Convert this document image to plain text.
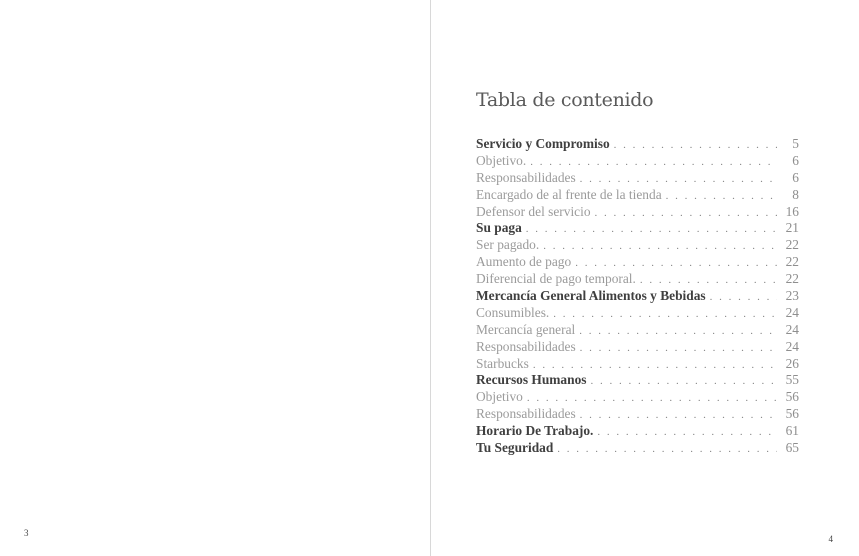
3
Tabla de contenido
Servicio y Compromiso . . .	5
Objetivo. . . .	6
Responsabilidades . . .	6
Encargado de al frente de la tienda . . .	8
Defensor del servicio . . .	16
Su paga . . .	21
Ser pagado. . . .	22
Aumento de pago . . .	22
Diferencial de pago temporal. . . .	22
Mercancía General Alimentos y Bebidas . . .	23
Consumibles. . . .	24
Mercancía general . . .	24
Responsabilidades . . .	24
Starbucks . . .	26
Recursos Humanos . . .	55
Objetivo . . .	56
Responsabilidades . . .	56
Horario De Trabajo. . . .	61
Tu Seguridad . . .	65
4
